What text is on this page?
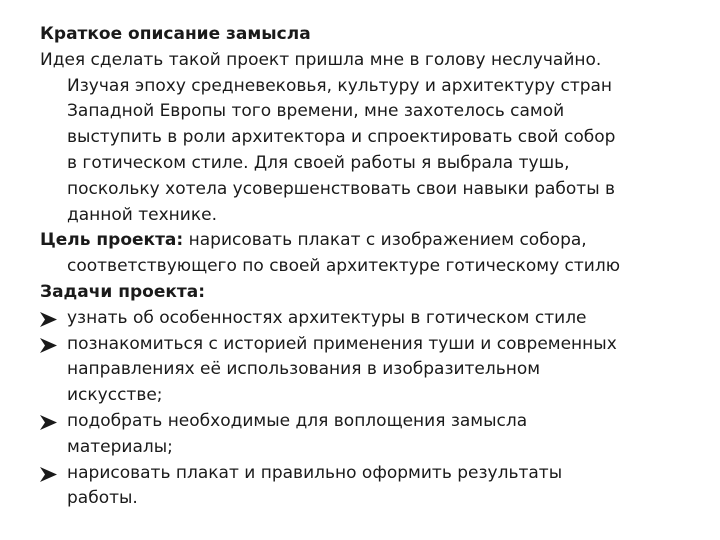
Краткое описание замысла
Идея сделать такой проект пришла мне в голову неслучайно.
Изучая эпоху средневековья, культуру и архитектуру стран
Западной Европы того времени, мне захотелось самой
выступить в роли архитектора и спроектировать свой собор
в готическом стиле. Для своей работы я выбрала тушь,
поскольку хотела усовершенствовать свои навыки работы в
данной технике.
Цель проекта: нарисовать плакат с изображением собора,
соответствующего по своей архитектуре готическому стилю
Задачи проекта:
узнать об особенностях архитектуры в готическом стиле
познакомиться с историей применения туши и современных
направлениях её использования в изобразительном
искусстве;
подобрать необходимые для воплощения замысла
материалы;
нарисовать плакат и правильно оформить результаты
работы.
